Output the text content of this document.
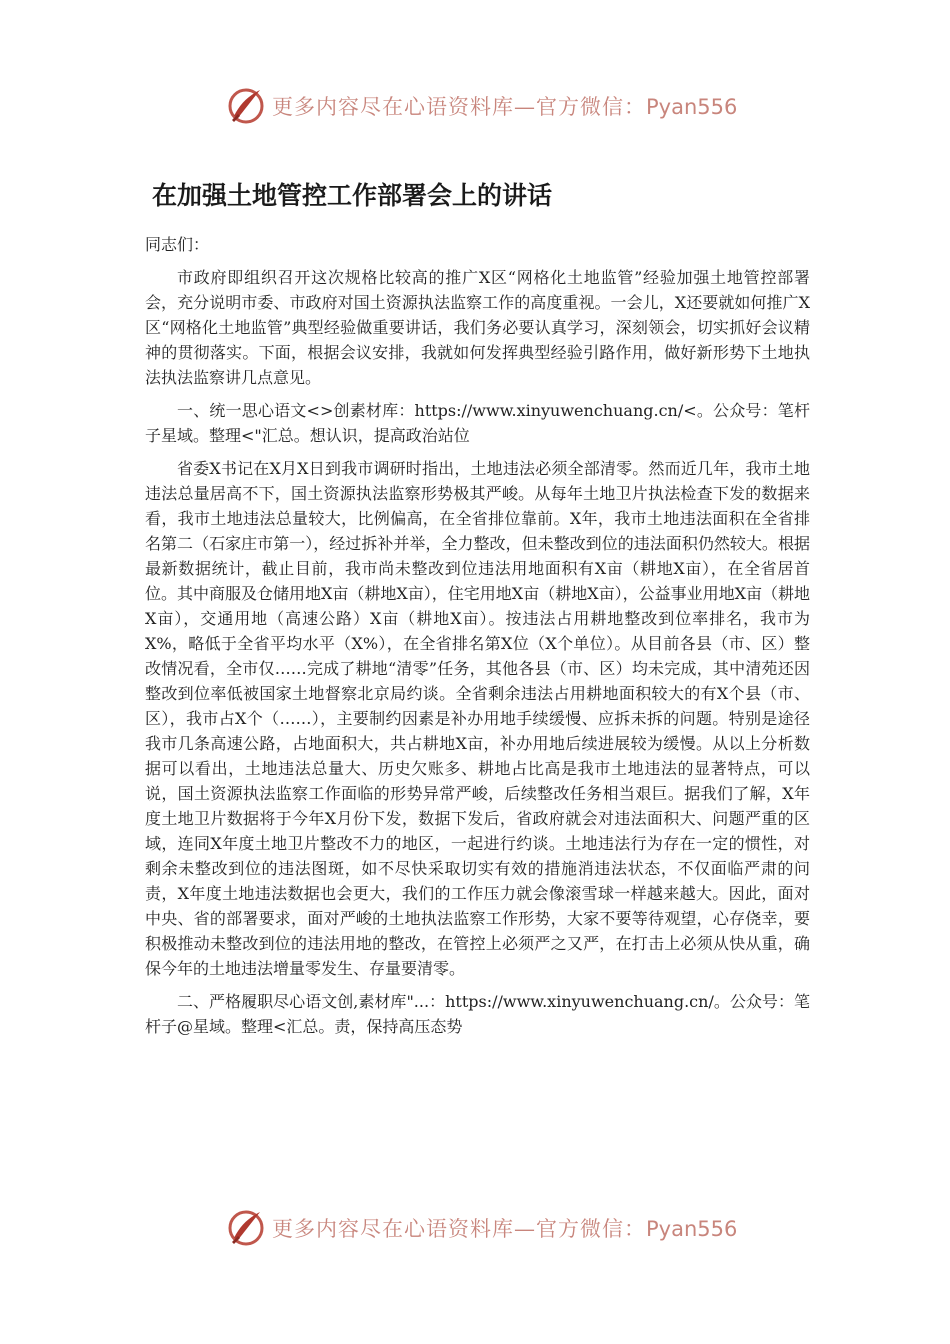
更多内容尽在心语资料库—官方微信：Pyan556
在加强土地管控工作部署会上的讲话

同志们：

市政府即组织召开这次规格比较高的推广X区“网格化土地监管”经验加强土地管控部署会，充分说明市委、市政府对国土资源执法监察工作的高度重视。一会儿，X还要就如何推广X区“网格化土地监管”典型经验做重要讲话，我们务必要认真学习，深刻领会，切实抓好会议精神的贯彻落实。下面，根据会议安排，我就如何发挥典型经验引路作用，做好新形势下土地执法执法监察讲几点意见。

一、统一思心语文<>创素材库：https://www.xinyuwenchuang.cn/<。公众号：笔杆子星域。整理<"汇总。想认识，提高政治站位

省委X书记在X月X日到我市调研时指出，土地违法必须全部清零。然而近几年，我市土地违法总量居高不下，国土资源执法监察形势极其严峻。从每年土地卫片执法检查下发的数据来看，我市土地违法总量较大，比例偏高，在全省排位靠前。X年，我市土地违法面积在全省排名第二（石家庄市第一），经过拆补并举，全力整改，但未整改到位的违法面积仍然较大。根据最新数据统计，截止目前，我市尚未整改到位违法用地面积有X亩（耕地X亩），在全省居首位。其中商服及仓储用地X亩（耕地X亩），住宅用地X亩（耕地X亩），公益事业用地X亩（耕地X亩），交通用地（高速公路）X亩（耕地X亩）。按违法占用耕地整改到位率排名，我市为X%，略低于全省平均水平（X%），在全省排名第X位（X个单位）。从目前各县（市、区）整改情况看，全市仅……完成了耕地“清零”任务，其他各县（市、区）均未完成，其中清苑还因整改到位率低被国家土地督察北京局约谈。全省剩余违法占用耕地面积较大的有X个县（市、区），我市占X个（……），主要制约因素是补办用地手续缓慢、应拆未拆的问题。特别是途径我市几条高速公路，占地面积大，共占耕地X亩，补办用地后续进展较为缓慢。从以上分析数据可以看出，土地违法总量大、历史欠账多、耕地占比高是我市土地违法的显著特点，可以说，国土资源执法监察工作面临的形势异常严峻，后续整改任务相当艰巨。据我们了解，X年度土地卫片数据将于今年X月份下发，数据下发后，省政府就会对违法面积大、问题严重的区域，连同X年度土地卫片整改不力的地区，一起进行约谈。土地违法行为存在一定的惯性，对剩余未整改到位的违法图斑，如不尽快采取切实有效的措施消违法状态，不仅面临严肃的问责，X年度土地违法数据也会更大，我们的工作压力就会像滚雪球一样越来越大。因此，面对中央、省的部署要求，面对严峻的土地执法监察工作形势，大家不要等待观望，心存侥幸，要积极推动未整改到位的违法用地的整改，在管控上必须严之又严，在打击上必须从快从重，确保今年的土地违法增量零发生、存量要清零。

二、严格履职尽心语文创,素材库"...：https://www.xinyuwenchuang.cn/。公众号：笔杆子@星域。整理<汇总。责，保持高压态势

更多内容尽在心语资料库—官方微信：Pyan556
